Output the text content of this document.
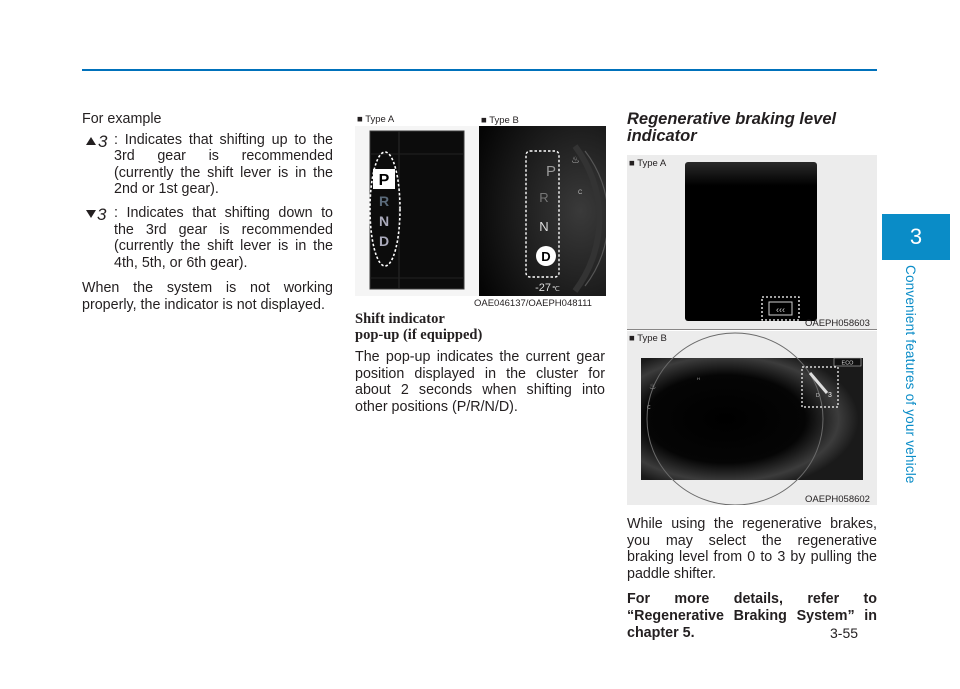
3
Convenient features of your vehicle

For example

3 : Indicates that shifting up to the 3rd gear is recommended (currently the shift lever is in the 2nd or 1st gear).
3 : Indicates that shifting down to the 3rd gear is recommended (currently the shift lever is in the 4th, 5th, or 6th gear).

When the system is not working properly, the indicator is not displayed.

■ Type A	■ Type B
P
R
N
D
♨
C
P
R
N
D
-27 ℃
OAE046137/OAEPH048111
Shift indicator
pop-up (if equipped)

The pop-up indicates the current gear position displayed in the cluster for about 2 seconds when shifting into other positions (P/R/N/D).

Regenerative braking level indicator
‹‹‹
■ Type A
OAEPH058603
♨
C
H
ECO
D 3
■ Type B
OAEPH058602

While using the regenerative brakes, you may select the regenerative braking level from 0 to 3 by pulling the paddle shifter.

For more details, refer to “Regenerative Braking System” in chapter 5.	3-55
